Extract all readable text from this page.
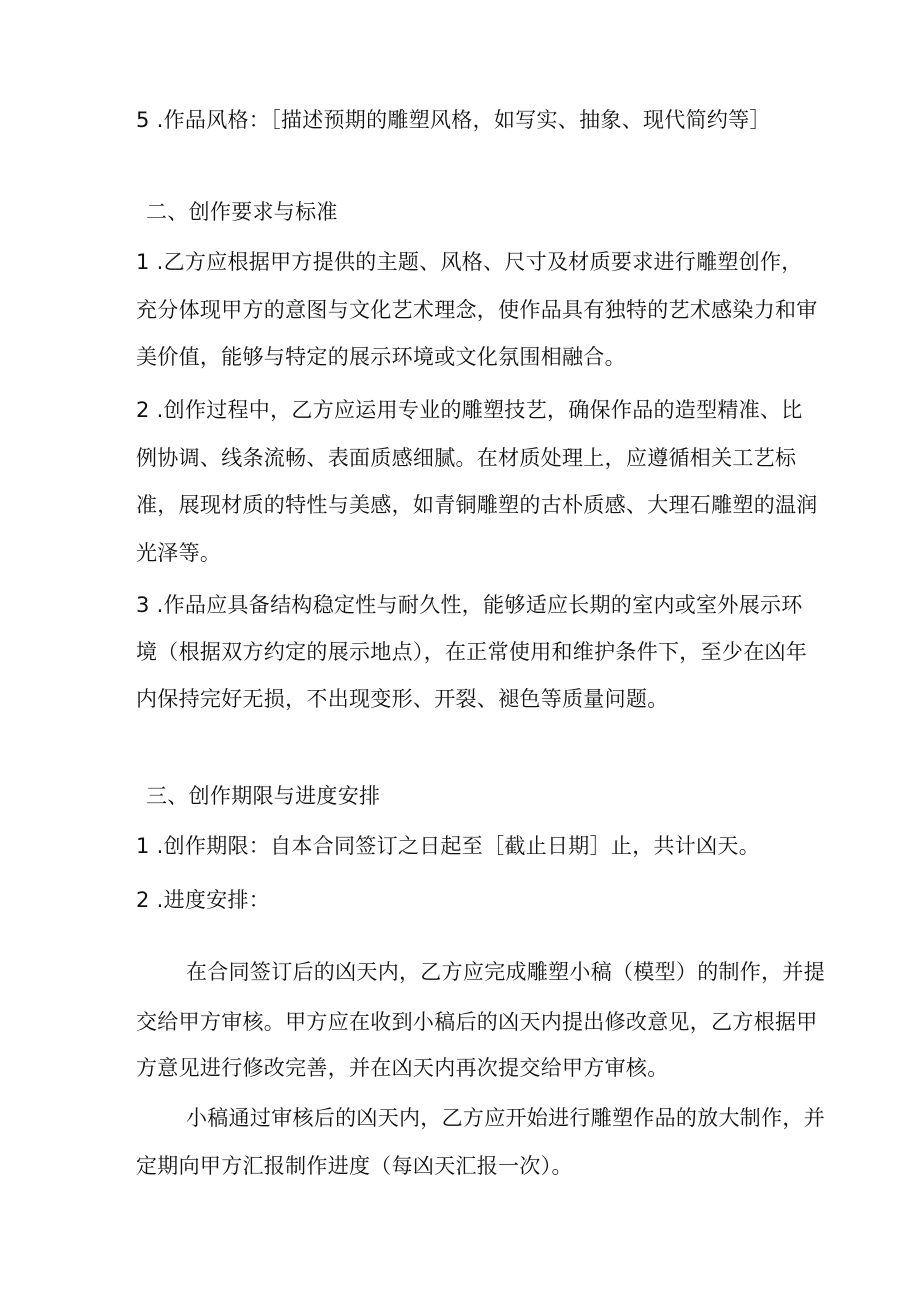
5 .作品风格：［描述预期的雕塑风格，如写实、抽象、现代简约等］
二、创作要求与标准
1 .乙方应根据甲方提供的主题、风格、尺寸及材质要求进行雕塑创作，
充分体现甲方的意图与文化艺术理念，使作品具有独特的艺术感染力和审
美价值，能够与特定的展示环境或文化氛围相融合。
2 .创作过程中，乙方应运用专业的雕塑技艺，确保作品的造型精准、比
例协调、线条流畅、表面质感细腻。在材质处理上，应遵循相关工艺标
准，展现材质的特性与美感，如青铜雕塑的古朴质感、大理石雕塑的温润
光泽等。
3 .作品应具备结构稳定性与耐久性，能够适应长期的室内或室外展示环
境（根据双方约定的展示地点），在正常使用和维护条件下，至少在凶年
内保持完好无损，不出现变形、开裂、褪色等质量问题。
三、创作期限与进度安排
1 .创作期限：自本合同签订之日起至［截止日期］止，共计凶天。
2 .进度安排：
在合同签订后的凶天内，乙方应完成雕塑小稿（模型）的制作，并提
交给甲方审核。甲方应在收到小稿后的凶天内提出修改意见，乙方根据甲
方意见进行修改完善，并在凶天内再次提交给甲方审核。
小稿通过审核后的凶天内，乙方应开始进行雕塑作品的放大制作，并
定期向甲方汇报制作进度（每凶天汇报一次）。
